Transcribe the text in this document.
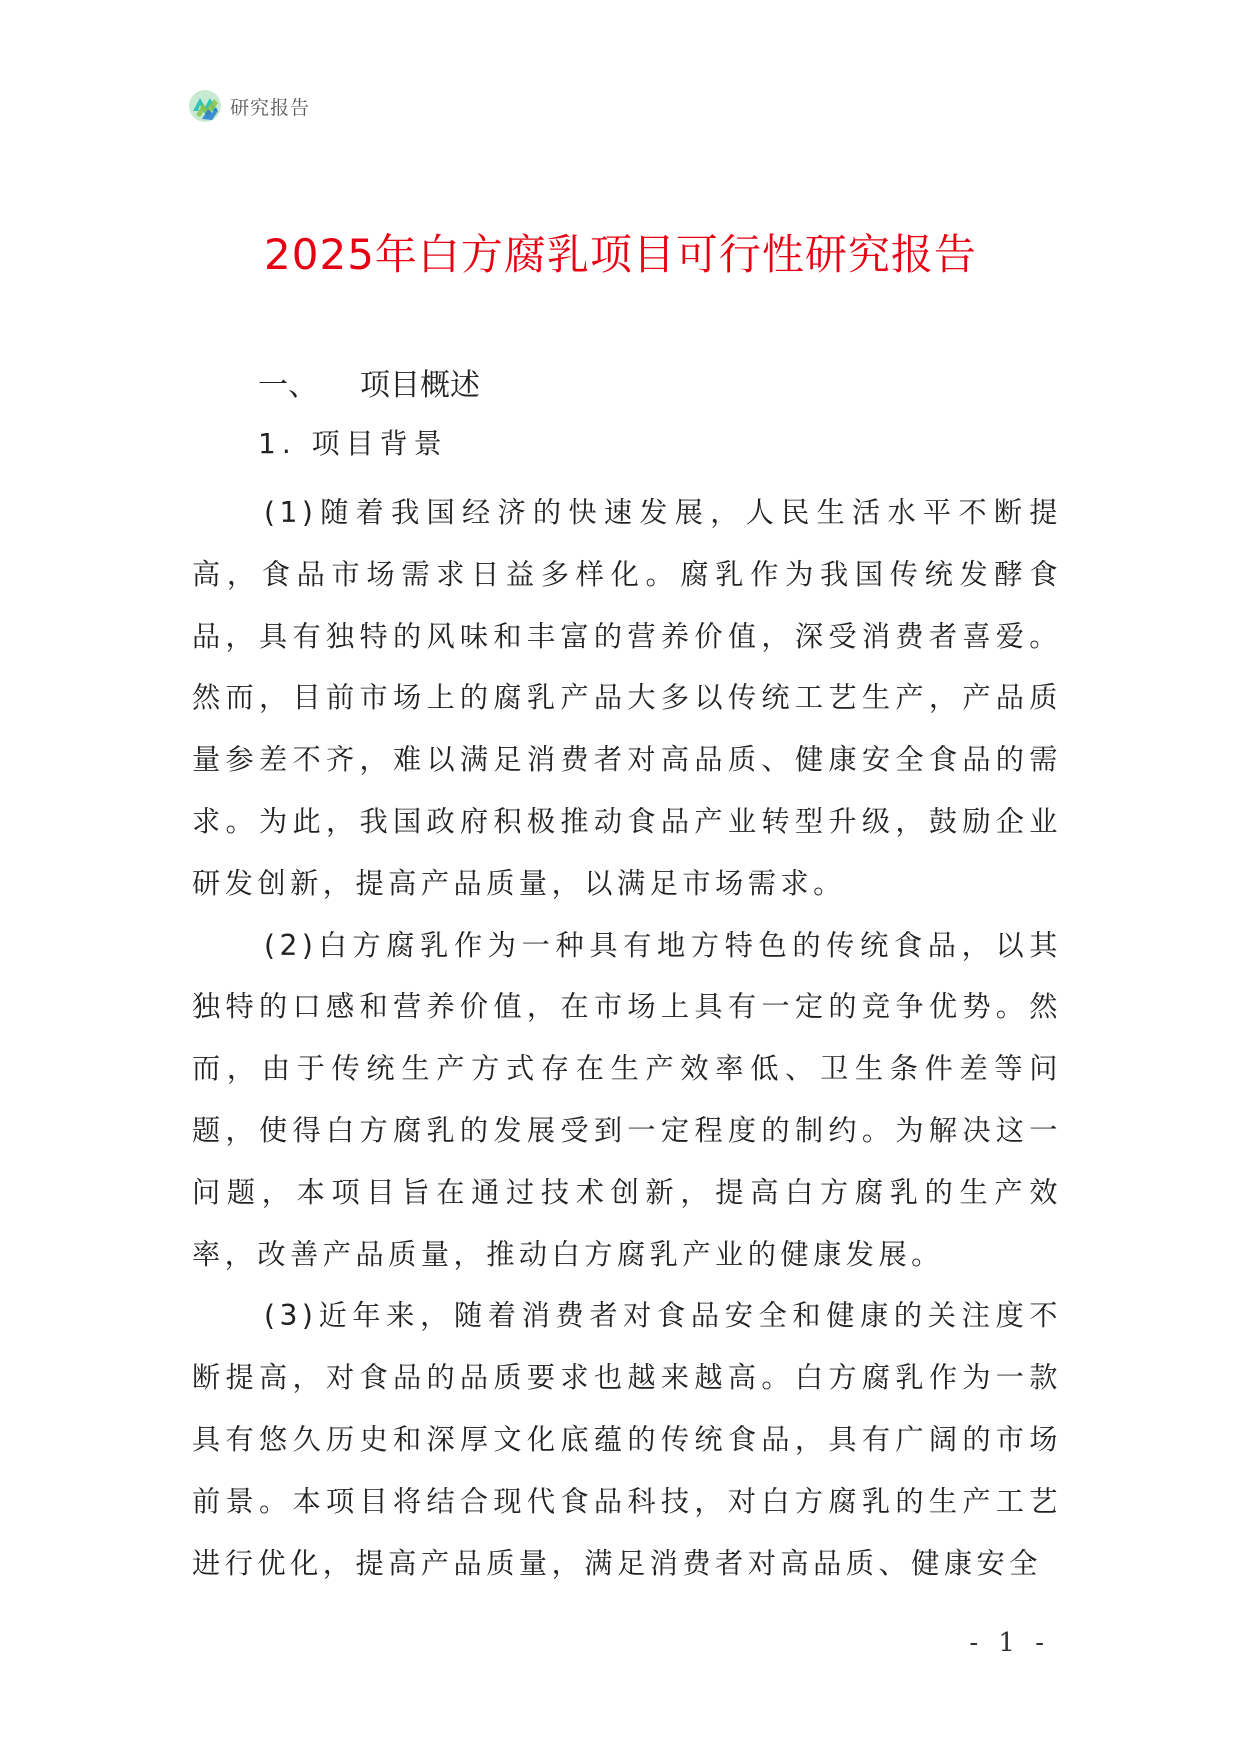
研究报告
2025年白方腐乳项目可行性研究报告
一、 项目概述
1. 项目背景

(1)随着我国经济的快速发展，人民生活水平不断提高，食品市场需求日益多样化。腐乳作为我国传统发酵食品，具有独特的风味和丰富的营养价值，深受消费者喜爱。然而，目前市场上的腐乳产品大多以传统工艺生产，产品质量参差不齐，难以满足消费者对高品质、健康安全食品的需求。为此，我国政府积极推动食品产业转型升级，鼓励企业研发创新，提高产品质量，以满足市场需求。

(2)白方腐乳作为一种具有地方特色的传统食品，以其独特的口感和营养价值，在市场上具有一定的竞争优势。然而，由于传统生产方式存在生产效率低、卫生条件差等问题，使得白方腐乳的发展受到一定程度的制约。为解决这一问题，本项目旨在通过技术创新，提高白方腐乳的生产效率，改善产品质量，推动白方腐乳产业的健康发展。

(3)近年来，随着消费者对食品安全和健康的关注度不断提高，对食品的品质要求也越来越高。白方腐乳作为一款具有悠久历史和深厚文化底蕴的传统食品，具有广阔的市场前景。本项目将结合现代食品科技，对白方腐乳的生产工艺进行优化，提高产品质量，满足消费者对高品质、健康安全

- 1 -
